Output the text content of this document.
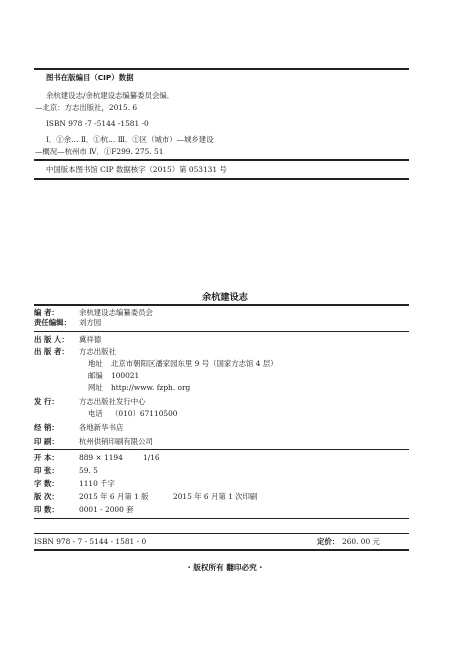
图书在版编目（CIP）数据
余杭建设志/余杭建设志编纂委员会编．
—北京：方志出版社，2015. 6
ISBN 978 -7 -5144 -1581 -0
Ⅰ．①余… Ⅱ．①杭… Ⅲ．①区（城市）—城乡建设
—概况—杭州市 Ⅳ．①F299. 275. 51
中国版本图书馆 CIP 数据核字（2015）第 053131 号
余杭建设志
编 者：	余杭建设志编纂委员会
责任编辑： 刘方园
出 版 人： 冀祥德
出 版 者： 方志出版社
地址 北京市朝阳区潘家园东里 9 号（国家方志馆 4 层）
邮编 100021
网址 http://www. fzph. org
发 行：	方志出版社发行中心
电话 （010）67110500
经 销：	各地新华书店
印 刷：	杭州供销印刷有限公司
开 本：	889 × 1194	1/16
印 张：	59. 5
字 数：	1110 千字
版 次：	2015 年 6 月第 1 版	2015 年 6 月第 1 次印刷
印 数：	0001 - 2000 套
ISBN 978 - 7 - 5144 - 1581 - 0	定价： 260. 00 元
· 版权所有 翻印必究 ·
